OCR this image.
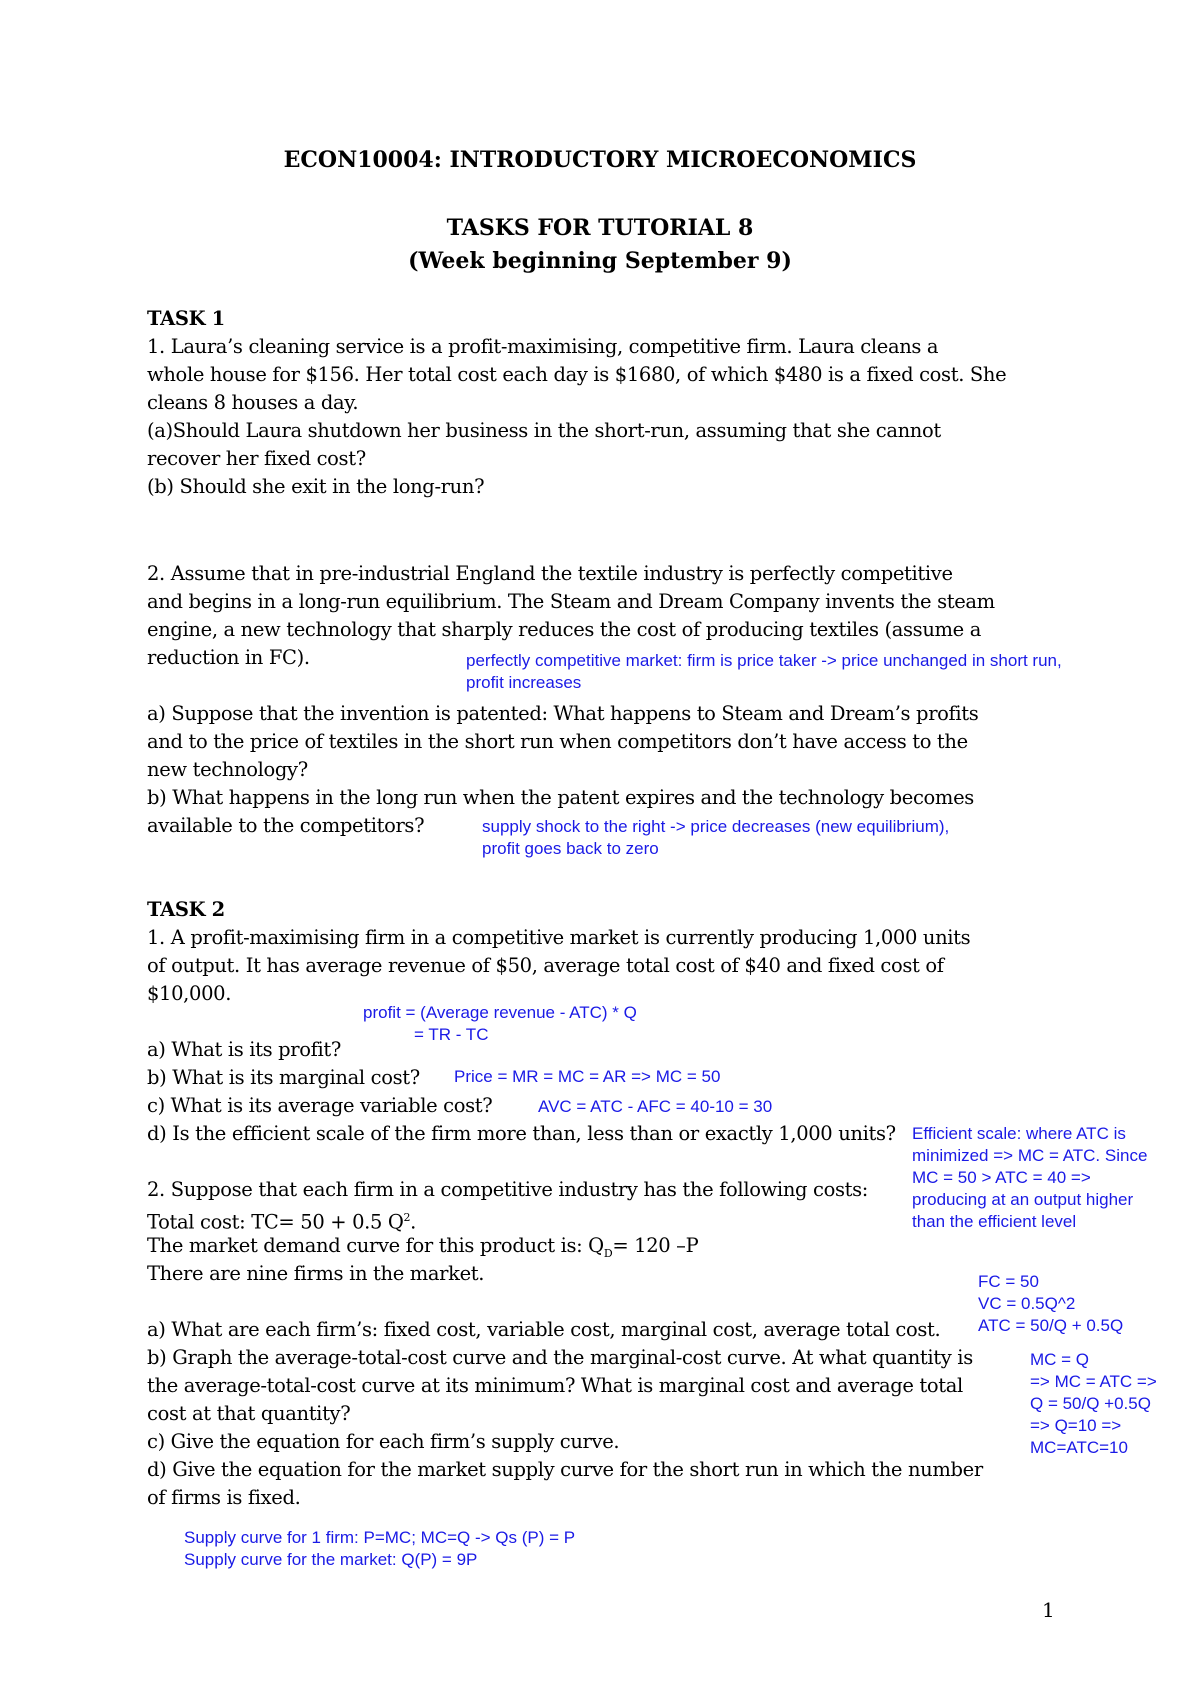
ECON10004: INTRODUCTORY MICROECONOMICS
TASKS FOR TUTORIAL 8
(Week beginning September 9)
TASK 1
1. Laura’s cleaning service is a profit-maximising, competitive firm. Laura cleans a
whole house for $156. Her total cost each day is $1680, of which $480 is a fixed cost. She
cleans 8 houses a day.
(a)Should Laura shutdown her business in the short-run, assuming that she cannot
recover her fixed cost?
(b) Should she exit in the long-run?
2. Assume that in pre-industrial England the textile industry is perfectly competitive
and begins in a long-run equilibrium. The Steam and Dream Company invents the steam
engine, a new technology that sharply reduces the cost of producing textiles (assume a
reduction in FC).	perfectly competitive market: firm is price taker -> price unchanged in short run,
profit increases
a) Suppose that the invention is patented: What happens to Steam and Dream’s profits
and to the price of textiles in the short run when competitors don’t have access to the
new technology?
b) What happens in the long run when the patent expires and the technology becomes
available to the competitors?	supply shock to the right -> price decreases (new equilibrium),
profit goes back to zero
TASK 2
1. A profit-maximising firm in a competitive market is currently producing 1,000 units
of output. It has average revenue of $50, average total cost of $40 and fixed cost of
$10,000.
profit = (Average revenue - ATC) * Q
= TR - TC
a) What is its profit?
b) What is its marginal cost? Price = MR = MC = AR => MC = 50
c) What is its average variable cost?	AVC = ATC - AFC = 40-10 = 30
d) Is the efficient scale of the firm more than, less than or exactly 1,000 units? Efficient scale: where ATC is
minimized => MC = ATC. Since
MC = 50 > ATC = 40 =>
producing at an output higher
than the efficient level
2. Suppose that each firm in a competitive industry has the following costs:
Total cost: TC= 50 + 0.5 $Q^2$.
The market demand curve for this product is: $Q_D= 120$ –P
There are nine firms in the market.	FC = 50
VC = 0.5Q^2
ATC = 50/Q + 0.5Q
a) What are each firm’s: fixed cost, variable cost, marginal cost, average total cost.
b) Graph the average-total-cost curve and the marginal-cost curve. At what quantity is
the average-total-cost curve at its minimum? What is marginal cost and average total
cost at that quantity?
c) Give the equation for each firm’s supply curve.
d) Give the equation for the market supply curve for the short run in which the number
of firms is fixed.
MC = Q
=> MC = ATC =>
Q = 50/Q +0.5Q
=> Q=10 =>
MC=ATC=10
Supply curve for 1 firm: P=MC; MC=Q -> Qs (P) = P
Supply curve for the market: Q(P) = 9P
1
